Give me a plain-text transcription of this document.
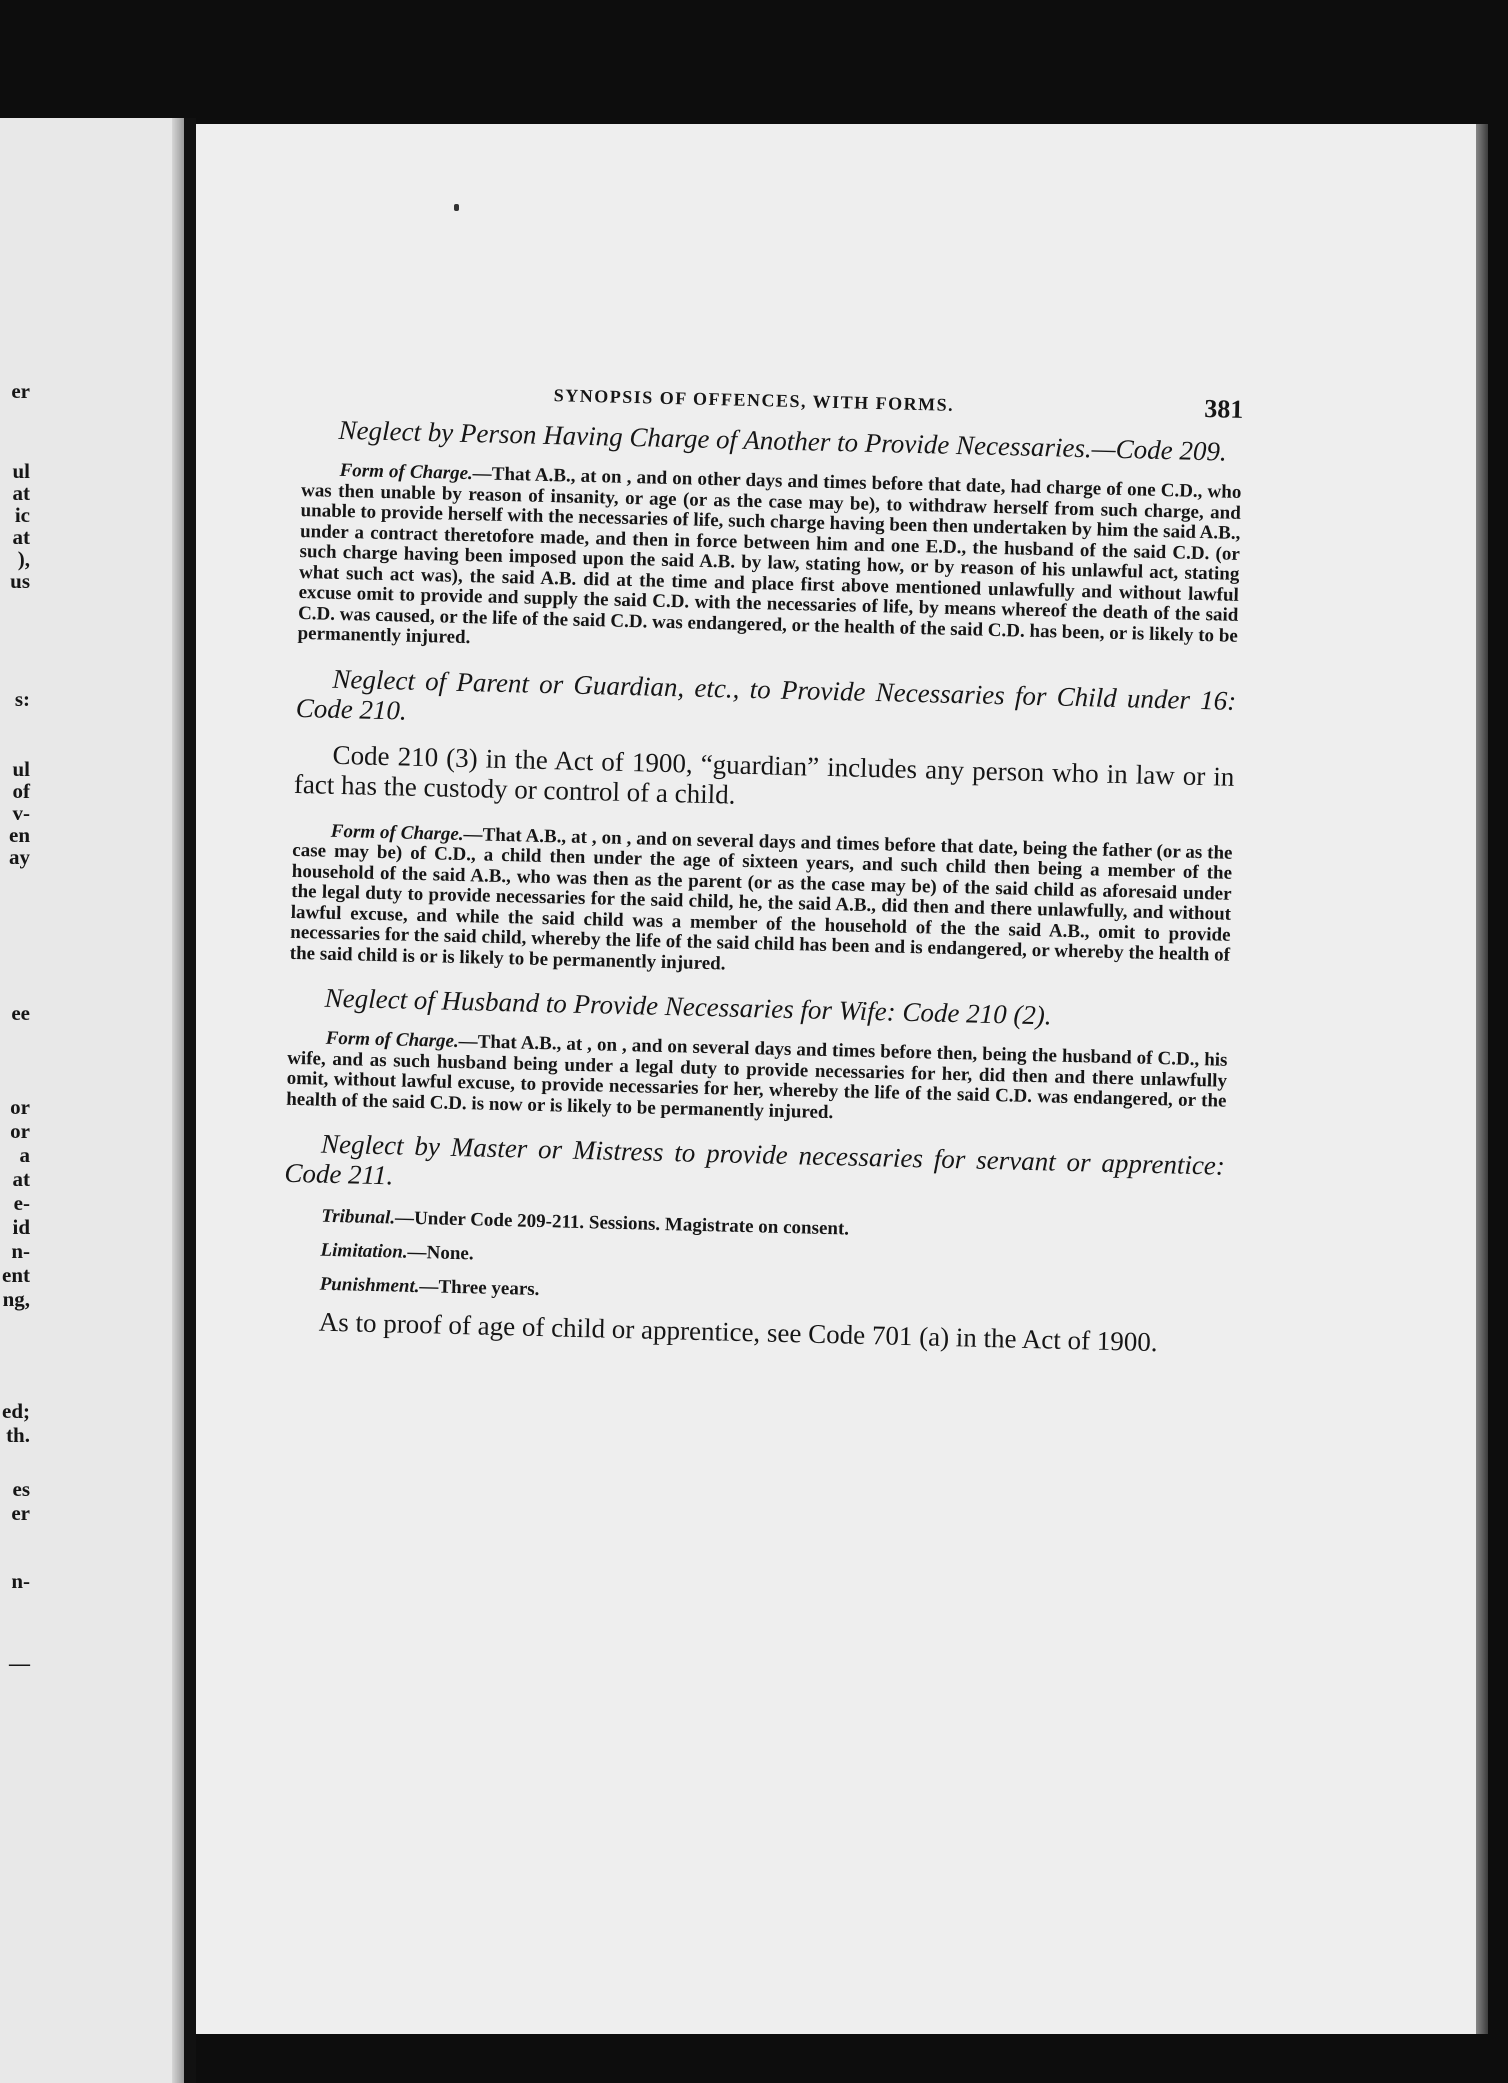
er
ul
at
ic
at
),
us
s:
ul
of
v-
en
ay
ee
or
or
a
at
e-
id
n-
ent
ng,
ed;
th.
es
er
n-
—
SYNOPSIS OF OFFENCES, WITH FORMS.	381
Neglect by Person Having Charge of Another to Provide Necessaries.—Code 209.
Form of Charge.—That A.B., at on , and on other days and times before that date, had charge of one C.D., who was then unable by reason of insanity, or age (or as the case may be), to withdraw herself from such charge, and unable to provide herself with the necessaries of life, such charge having been then undertaken by him the said A.B., under a contract theretofore made, and then in force between him and one E.D., the husband of the said C.D. (or such charge having been imposed upon the said A.B. by law, stating how, or by reason of his unlawful act, stating what such act was), the said A.B. did at the time and place first above mentioned unlawfully and without lawful excuse omit to provide and supply the said C.D. with the necessaries of life, by means whereof the death of the said C.D. was caused, or the life of the said C.D. was endangered, or the health of the said C.D. has been, or is likely to be permanently injured.
Neglect of Parent or Guardian, etc., to Provide Necessaries for Child under 16: Code 210.
Code 210 (3) in the Act of 1900, “guardian” includes any person who in law or in fact has the custody or control of a child.
Form of Charge.—That A.B., at , on , and on several days and times before that date, being the father (or as the case may be) of C.D., a child then under the age of sixteen years, and such child then being a member of the household of the said A.B., who was then as the parent (or as the case may be) of the said child as aforesaid under the legal duty to provide necessaries for the said child, he, the said A.B., did then and there unlawfully, and without lawful excuse, and while the said child was a member of the household of the the said A.B., omit to provide necessaries for the said child, whereby the life of the said child has been and is endangered, or whereby the health of the said child is or is likely to be permanently injured.
Neglect of Husband to Provide Necessaries for Wife: Code 210 (2).
Form of Charge.—That A.B., at , on , and on several days and times before then, being the husband of C.D., his wife, and as such husband being under a legal duty to provide necessaries for her, did then and there unlawfully omit, without lawful excuse, to provide necessaries for her, whereby the life of the said C.D. was endangered, or the health of the said C.D. is now or is likely to be permanently injured.
Neglect by Master or Mistress to provide necessaries for servant or apprentice: Code 211.
Tribunal.—Under Code 209-211. Sessions. Magistrate on consent.
Limitation.—None.
Punishment.—Three years.
As to proof of age of child or apprentice, see Code 701 (a) in the Act of 1900.
